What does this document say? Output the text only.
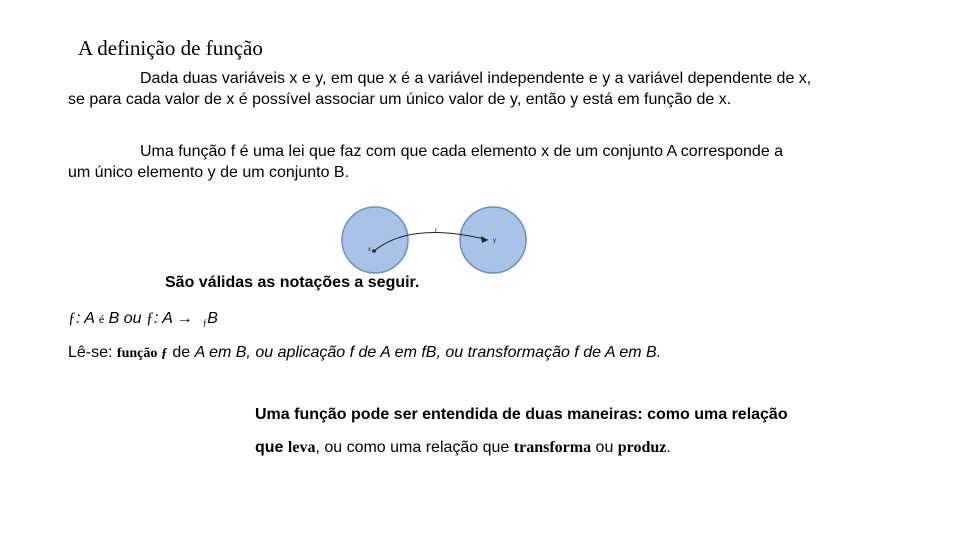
A definição de função
Dada duas variáveis x e y, em que x é a variável independente e y a variável dependente de x,
se para cada valor de x é possível associar um único valor de y, então y está em função de x.
Uma função f é uma lei que faz com que cada elemento x de um conjunto A corresponde a
um único elemento y de um conjunto B.
x
f
y
São válidas as notações a seguir.
ƒ: A é B ou ƒ: A → ƒB
Lê-se: função ƒ de A em B, ou aplicação f de A em fB, ou transformação f de A em B.
Uma função pode ser entendida de duas maneiras: como uma relação
que leva, ou como uma relação que transforma ou produz.
